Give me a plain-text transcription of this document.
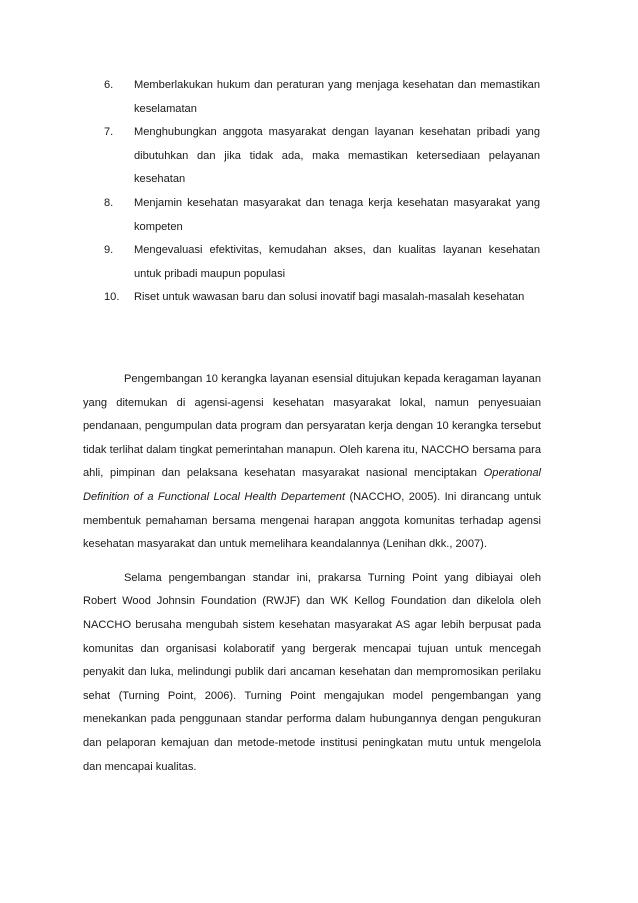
6.	Memberlakukan hukum dan peraturan yang menjaga kesehatan dan memastikan keselamatan
7.	Menghubungkan anggota masyarakat dengan layanan kesehatan pribadi yang dibutuhkan dan jika tidak ada, maka memastikan ketersediaan pelayanan kesehatan
8.	Menjamin kesehatan masyarakat dan tenaga kerja kesehatan masyarakat yang kompeten
9.	Mengevaluasi efektivitas, kemudahan akses, dan kualitas layanan kesehatan untuk pribadi maupun populasi
10.	Riset untuk wawasan baru dan solusi inovatif bagi masalah-masalah kesehatan

Pengembangan 10 kerangka layanan esensial ditujukan kepada keragaman layanan yang ditemukan di agensi-agensi kesehatan masyarakat lokal, namun penyesuaian pendanaan, pengumpulan data program dan persyaratan kerja dengan 10 kerangka tersebut tidak terlihat dalam tingkat pemerintahan manapun. Oleh karena itu, NACCHO bersama para ahli, pimpinan dan pelaksana kesehatan masyarakat nasional menciptakan Operational Definition of a Functional Local Health Departement (NACCHO, 2005). Ini dirancang untuk membentuk pemahaman bersama mengenai harapan anggota komunitas terhadap agensi kesehatan masyarakat dan untuk memelihara keandalannya (Lenihan dkk., 2007).

Selama pengembangan standar ini, prakarsa Turning Point yang dibiayai oleh Robert Wood Johnsin Foundation (RWJF) dan WK Kellog Foundation dan dikelola oleh NACCHO berusaha mengubah sistem kesehatan masyarakat AS agar lebih berpusat pada komunitas dan organisasi kolaboratif yang bergerak mencapai tujuan untuk mencegah penyakit dan luka, melindungi publik dari ancaman kesehatan dan mempromosikan perilaku sehat (Turning Point, 2006). Turning Point mengajukan model pengembangan yang menekankan pada penggunaan standar performa dalam hubungannya dengan pengukuran dan pelaporan kemajuan dan metode-metode institusi peningkatan mutu untuk mengelola dan mencapai kualitas.
